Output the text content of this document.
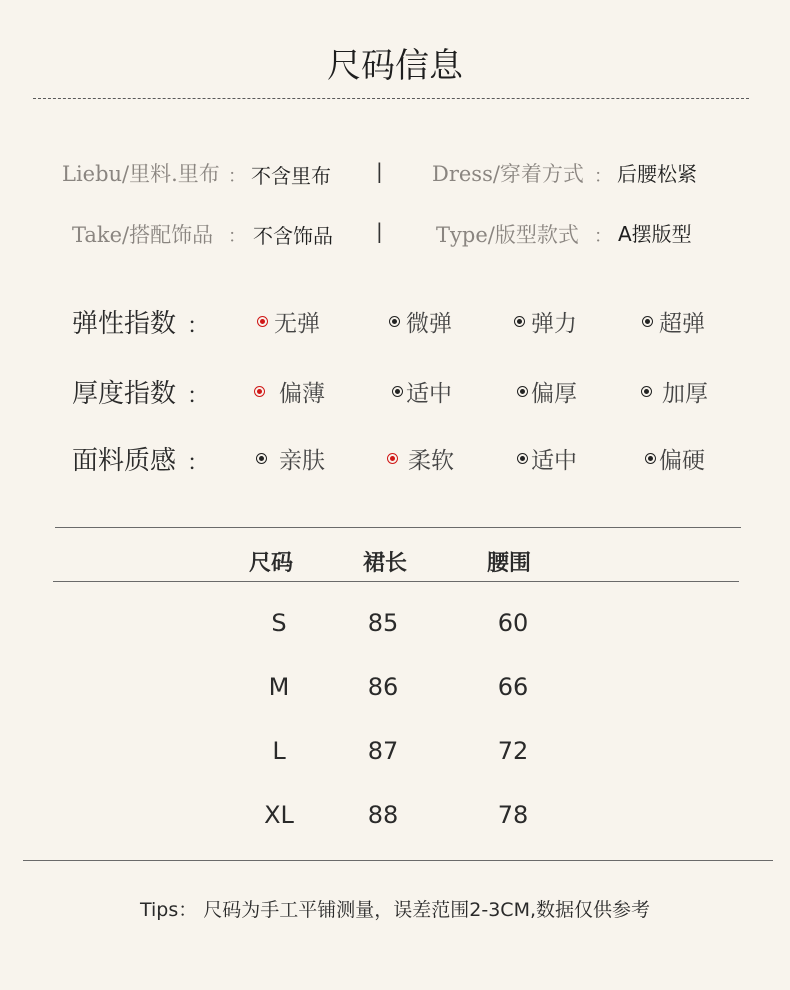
尺码信息
Liebu/里料.里布 ： 不含里布 | Dress/穿着方式 ： 后腰松紧
Take/搭配饰品 ： 不含饰品 |	Type/版型款式 ： A摆版型
弹性指数 ：	无弹	微弹	弹力	超弹
厚度指数 ：	偏薄	适中	偏厚	加厚
面料质感 ：	亲肤	柔软	适中	偏硬
尺码	裙长	腰围
S	85	60
M	86	66
L	87	72
XL	88	78
Tips： 尺码为手工平铺测量，误差范围2-3CM,数据仅供参考
